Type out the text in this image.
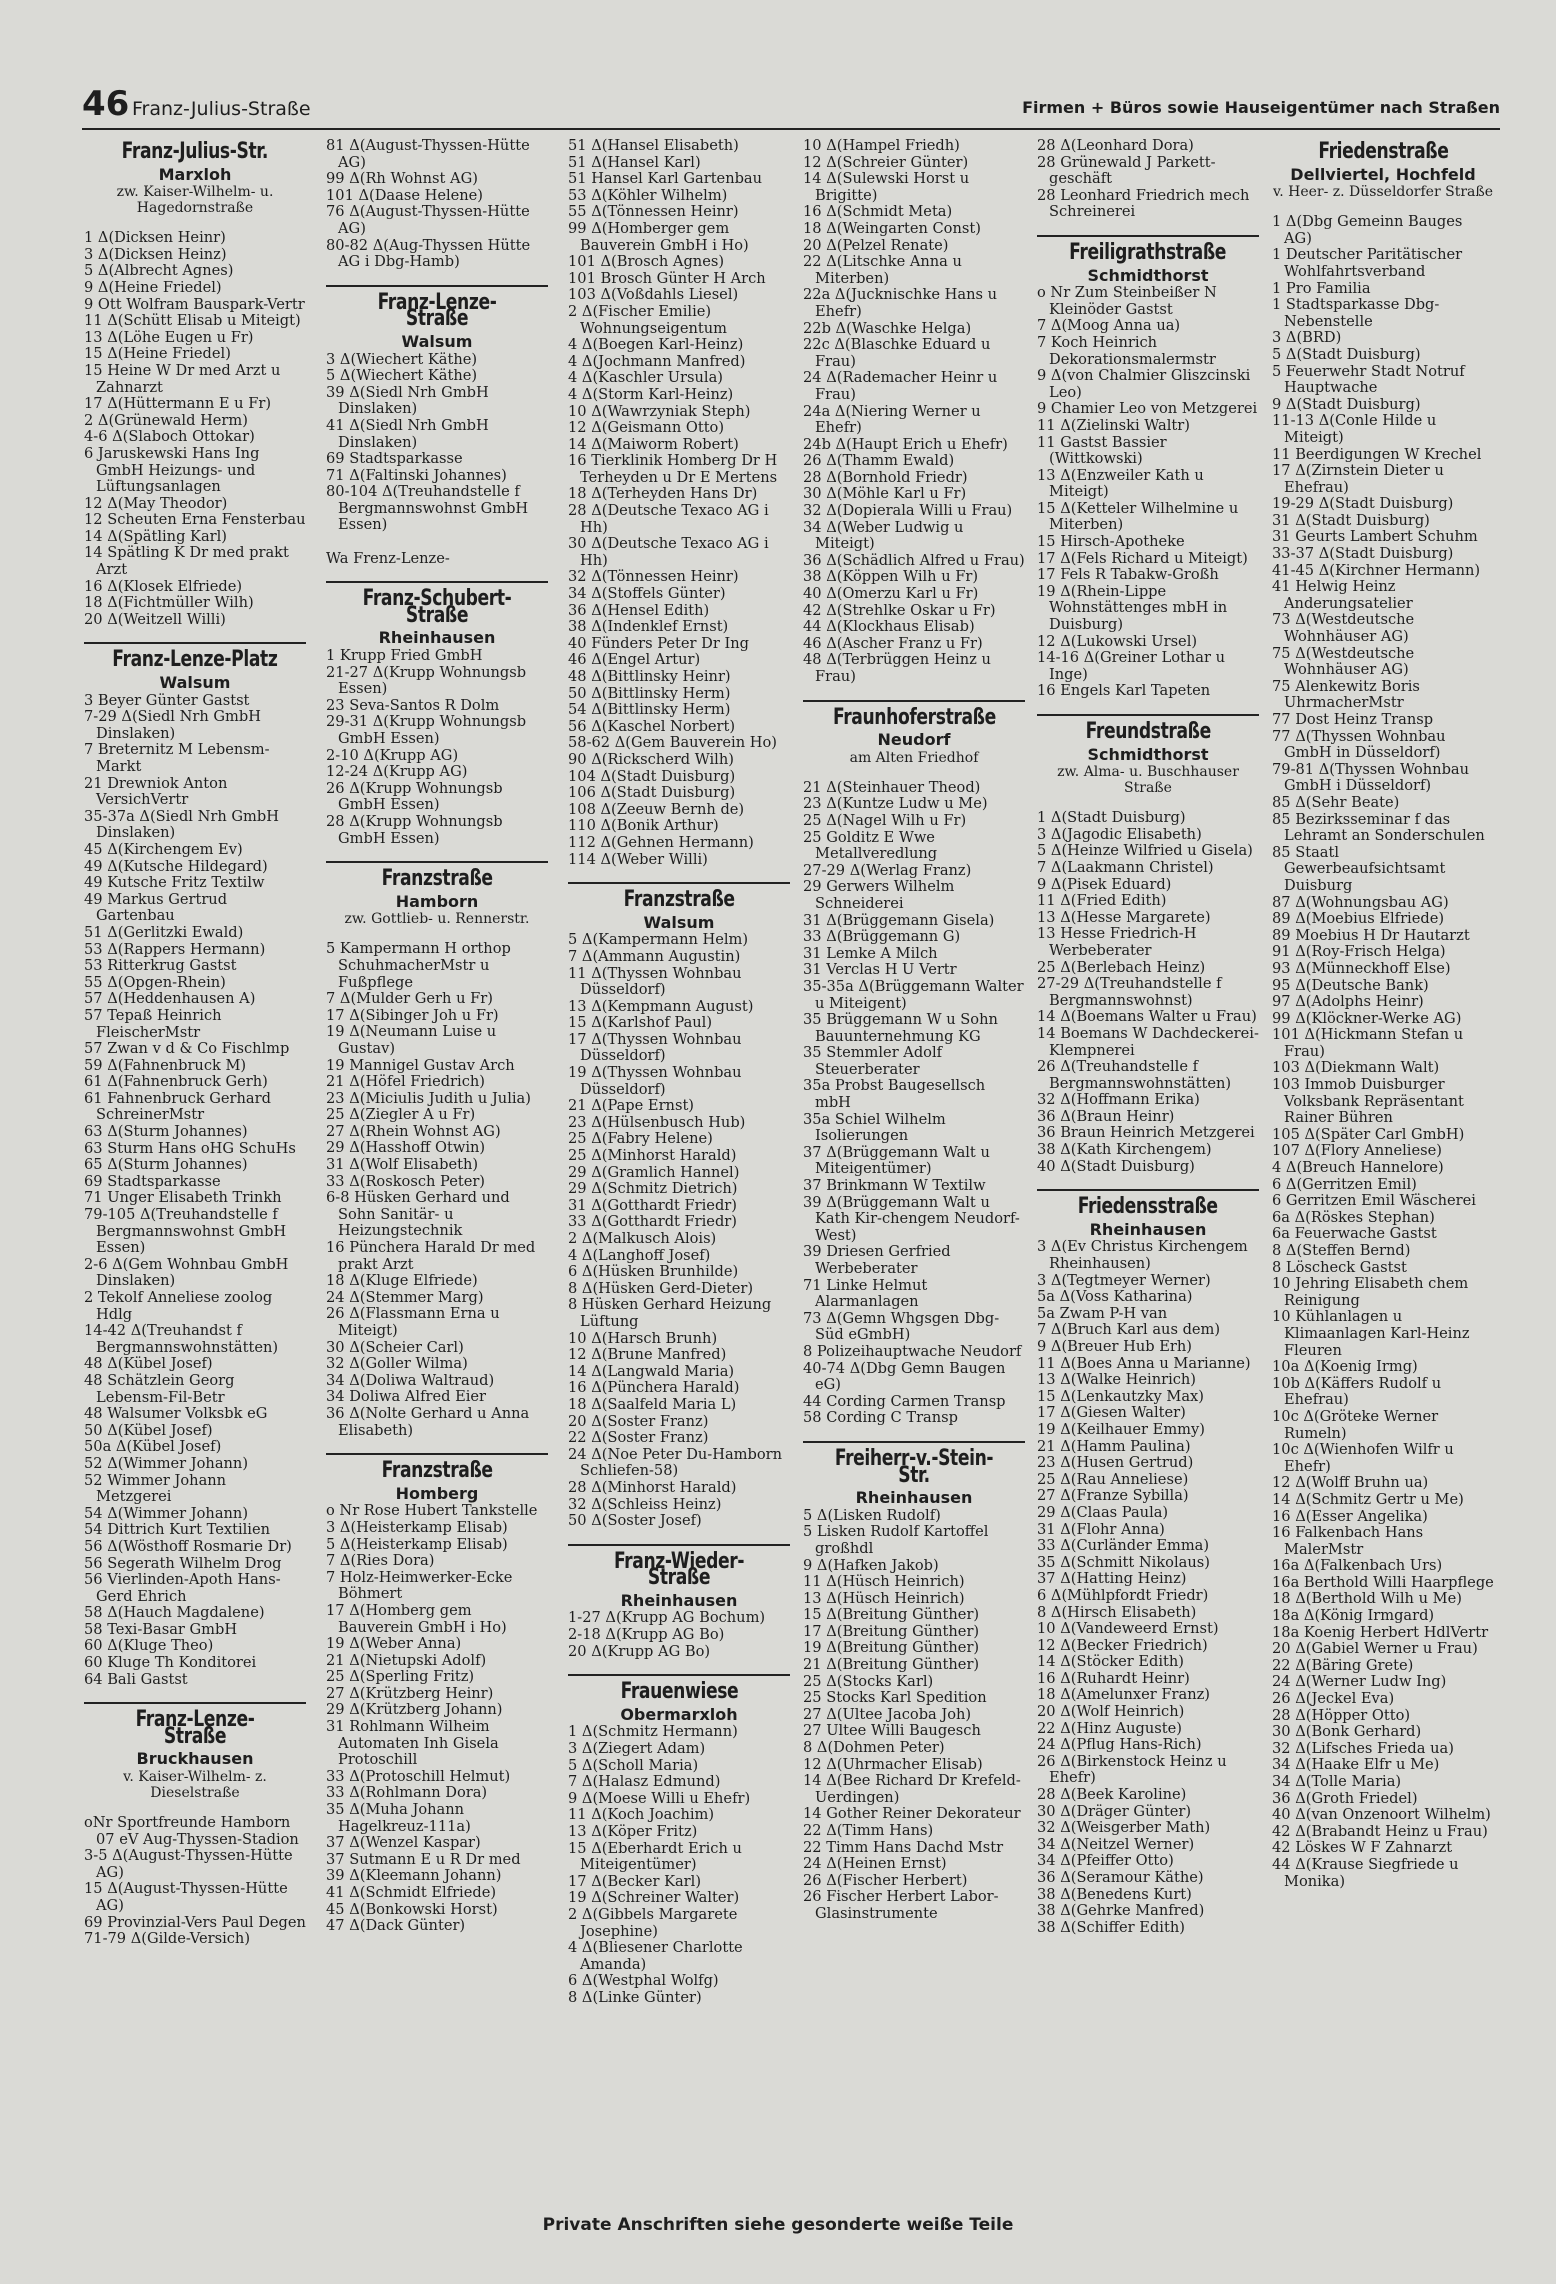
46 Franz-Julius-Straße	Firmen + Büros sowie Hauseigentümer nach Straßen
Franz-Julius-Str.
Marxloh
zw. Kaiser-Wilhelm- u. Hagedornstraße
1 Δ(Dicksen Heinr)
3 Δ(Dicksen Heinz)
5 Δ(Albrecht Agnes)
9 Δ(Heine Friedel)
9 Ott Wolfram Bauspark-Vertr
11 Δ(Schütt Elisab u Miteigt)
13 Δ(Löhe Eugen u Fr)
15 Δ(Heine Friedel)
15 Heine W Dr med Arzt u Zahnarzt
17 Δ(Hüttermann E u Fr)
2 Δ(Grünewald Herm)
4-6 Δ(Slaboch Ottokar)
6 Jaruskewski Hans Ing GmbH Heizungs- und Lüftungsanlagen
12 Δ(May Theodor)
12 Scheuten Erna Fensterbau
14 Δ(Spätling Karl)
14 Spätling K Dr med prakt Arzt
16 Δ(Klosek Elfriede)
18 Δ(Fichtmüller Wilh)
20 Δ(Weitzell Willi)
Franz-Lenze-Platz
Walsum
3 Beyer Günter Gastst
7-29 Δ(Siedl Nrh GmbH Dinslaken)
7 Breternitz M Lebensm-Markt
21 Drewniok Anton VersichVertr
35-37a Δ(Siedl Nrh GmbH Dinslaken)
45 Δ(Kirchengem Ev)
49 Δ(Kutsche Hildegard)
49 Kutsche Fritz Textilw
49 Markus Gertrud Gartenbau
51 Δ(Gerlitzki Ewald)
53 Δ(Rappers Hermann)
53 Ritterkrug Gastst
55 Δ(Opgen-Rhein)
57 Δ(Heddenhausen A)
57 Tepaß Heinrich FleischerMstr
57 Zwan v d & Co Fischlmp
59 Δ(Fahnenbruck M)
61 Δ(Fahnenbruck Gerh)
61 Fahnenbruck Gerhard SchreinerMstr
63 Δ(Sturm Johannes)
63 Sturm Hans oHG SchuHs
65 Δ(Sturm Johannes)
69 Stadtsparkasse
71 Unger Elisabeth Trinkh
79-105 Δ(Treuhandstelle f Bergmannswohnst GmbH Essen)
2-6 Δ(Gem Wohnbau GmbH Dinslaken)
2 Tekolf Anneliese zoolog Hdlg
14-42 Δ(Treuhandst f Bergmannswohnstätten)
48 Δ(Kübel Josef)
48 Schätzlein Georg Lebensm-Fil-Betr
48 Walsumer Volksbk eG
50 Δ(Kübel Josef)
50a Δ(Kübel Josef)
52 Δ(Wimmer Johann)
52 Wimmer Johann Metzgerei
54 Δ(Wimmer Johann)
54 Dittrich Kurt Textilien
56 Δ(Wösthoff Rosmarie Dr)
56 Segerath Wilhelm Drog
56 Vierlinden-Apoth Hans-Gerd Ehrich
58 Δ(Hauch Magdalene)
58 Texi-Basar GmbH
60 Δ(Kluge Theo)
60 Kluge Th Konditorei
64 Bali Gastst
Franz-Lenze-Straße
Bruckhausen
v. Kaiser-Wilhelm- z. Dieselstraße
oNr Sportfreunde Hamborn 07 eV Aug-Thyssen-Stadion
3-5 Δ(August-Thyssen-Hütte AG)
15 Δ(August-Thyssen-Hütte AG)
69 Provinzial-Vers Paul Degen
71-79 Δ(Gilde-Versich)
81 Δ(August-Thyssen-Hütte AG)
99 Δ(Rh Wohnst AG)
101 Δ(Daase Helene)
76 Δ(August-Thyssen-Hütte AG)
80-82 Δ(Aug-Thyssen Hütte AG i Dbg-Hamb)
Franz-Lenze-Straße
Walsum
3 Δ(Wiechert Käthe)
5 Δ(Wiechert Käthe)
39 Δ(Siedl Nrh GmbH Dinslaken)
41 Δ(Siedl Nrh GmbH Dinslaken)
69 Stadtsparkasse
71 Δ(Faltinski Johannes)
80-104 Δ(Treuhandstelle f Bergmannswohnst GmbH Essen)

Wa Frenz-Lenze-
Franz-Schubert-Straße
Rheinhausen
1 Krupp Fried GmbH
21-27 Δ(Krupp Wohnungsb Essen)
23 Seva-Santos R Dolm
29-31 Δ(Krupp Wohnungsb GmbH Essen)
2-10 Δ(Krupp AG)
12-24 Δ(Krupp AG)
26 Δ(Krupp Wohnungsb GmbH Essen)
28 Δ(Krupp Wohnungsb GmbH Essen)
Franzstraße
Hamborn
zw. Gottlieb- u. Rennerstr.
5 Kampermann H orthop SchuhmacherMstr u Fußpflege
7 Δ(Mulder Gerh u Fr)
17 Δ(Sibinger Joh u Fr)
19 Δ(Neumann Luise u Gustav)
19 Mannigel Gustav Arch
21 Δ(Höfel Friedrich)
23 Δ(Miciulis Judith u Julia)
25 Δ(Ziegler A u Fr)
27 Δ(Rhein Wohnst AG)
29 Δ(Hasshoff Otwin)
31 Δ(Wolf Elisabeth)
33 Δ(Roskosch Peter)
6-8 Hüsken Gerhard und Sohn Sanitär- u Heizungstechnik
16 Pünchera Harald Dr med prakt Arzt
18 Δ(Kluge Elfriede)
24 Δ(Stemmer Marg)
26 Δ(Flassmann Erna u Miteigt)
30 Δ(Scheier Carl)
32 Δ(Goller Wilma)
34 Δ(Doliwa Waltraud)
34 Doliwa Alfred Eier
36 Δ(Nolte Gerhard u Anna Elisabeth)
Franzstraße
Homberg
o Nr Rose Hubert Tankstelle
3 Δ(Heisterkamp Elisab)
5 Δ(Heisterkamp Elisab)
7 Δ(Ries Dora)
7 Holz-Heimwerker-Ecke Böhmert
17 Δ(Homberg gem Bauverein GmbH i Ho)
19 Δ(Weber Anna)
21 Δ(Nietupski Adolf)
25 Δ(Sperling Fritz)
27 Δ(Krützberg Heinr)
29 Δ(Krützberg Johann)
31 Rohlmann Wilheim Automaten Inh Gisela Protoschill
33 Δ(Protoschill Helmut)
33 Δ(Rohlmann Dora)
35 Δ(Muha Johann Hagelkreuz-111a)
37 Δ(Wenzel Kaspar)
37 Sutmann E u R Dr med
39 Δ(Kleemann Johann)
41 Δ(Schmidt Elfriede)
45 Δ(Bonkowski Horst)
47 Δ(Dack Günter)
51 Δ(Hansel Elisabeth)
51 Δ(Hansel Karl)
51 Hansel Karl Gartenbau
53 Δ(Köhler Wilhelm)
55 Δ(Tönnessen Heinr)
99 Δ(Homberger gem Bauverein GmbH i Ho)
101 Δ(Brosch Agnes)
101 Brosch Günter H Arch
103 Δ(Voßdahls Liesel)
2 Δ(Fischer Emilie) Wohnungseigentum
4 Δ(Boegen Karl-Heinz)
4 Δ(Jochmann Manfred)
4 Δ(Kaschler Ursula)
4 Δ(Storm Karl-Heinz)
10 Δ(Wawrzyniak Steph)
12 Δ(Geismann Otto)
14 Δ(Maiworm Robert)
16 Tierklinik Homberg Dr H Terheyden u Dr E Mertens
18 Δ(Terheyden Hans Dr)
28 Δ(Deutsche Texaco AG i Hh)
30 Δ(Deutsche Texaco AG i Hh)
32 Δ(Tönnessen Heinr)
34 Δ(Stoffels Günter)
36 Δ(Hensel Edith)
38 Δ(Indenklef Ernst)
40 Fünders Peter Dr Ing
46 Δ(Engel Artur)
48 Δ(Bittlinsky Heinr)
50 Δ(Bittlinsky Herm)
54 Δ(Bittlinsky Herm)
56 Δ(Kaschel Norbert)
58-62 Δ(Gem Bauverein Ho)
90 Δ(Rickscherd Wilh)
104 Δ(Stadt Duisburg)
106 Δ(Stadt Duisburg)
108 Δ(Zeeuw Bernh de)
110 Δ(Bonik Arthur)
112 Δ(Gehnen Hermann)
114 Δ(Weber Willi)
Franzstraße
Walsum
5 Δ(Kampermann Helm)
7 Δ(Ammann Augustin)
11 Δ(Thyssen Wohnbau Düsseldorf)
13 Δ(Kempmann August)
15 Δ(Karlshof Paul)
17 Δ(Thyssen Wohnbau Düsseldorf)
19 Δ(Thyssen Wohnbau Düsseldorf)
21 Δ(Pape Ernst)
23 Δ(Hülsenbusch Hub)
25 Δ(Fabry Helene)
25 Δ(Minhorst Harald)
29 Δ(Gramlich Hannel)
29 Δ(Schmitz Dietrich)
31 Δ(Gotthardt Friedr)
33 Δ(Gotthardt Friedr)
2 Δ(Malkusch Alois)
4 Δ(Langhoff Josef)
6 Δ(Hüsken Brunhilde)
8 Δ(Hüsken Gerd-Dieter)
8 Hüsken Gerhard Heizung Lüftung
10 Δ(Harsch Brunh)
12 Δ(Brune Manfred)
14 Δ(Langwald Maria)
16 Δ(Pünchera Harald)
18 Δ(Saalfeld Maria L)
20 Δ(Soster Franz)
22 Δ(Soster Franz)
24 Δ(Noe Peter Du-Hamborn Schliefen-58)
28 Δ(Minhorst Harald)
32 Δ(Schleiss Heinz)
50 Δ(Soster Josef)
Franz-Wieder-Straße
Rheinhausen
1-27 Δ(Krupp AG Bochum)
2-18 Δ(Krupp AG Bo)
20 Δ(Krupp AG Bo)
Frauenwiese
Obermarxloh
1 Δ(Schmitz Hermann)
3 Δ(Ziegert Adam)
5 Δ(Scholl Maria)
7 Δ(Halasz Edmund)
9 Δ(Moese Willi u Ehefr)
11 Δ(Koch Joachim)
13 Δ(Köper Fritz)
15 Δ(Eberhardt Erich u Miteigentümer)
17 Δ(Becker Karl)
19 Δ(Schreiner Walter)
2 Δ(Gibbels Margarete Josephine)
4 Δ(Bliesener Charlotte Amanda)
6 Δ(Westphal Wolfg)
8 Δ(Linke Günter)
10 Δ(Hampel Friedh)
12 Δ(Schreier Günter)
14 Δ(Sulewski Horst u Brigitte)
16 Δ(Schmidt Meta)
18 Δ(Weingarten Const)
20 Δ(Pelzel Renate)
22 Δ(Litschke Anna u Miterben)
22a Δ(Jucknischke Hans u Ehefr)
22b Δ(Waschke Helga)
22c Δ(Blaschke Eduard u Frau)
24 Δ(Rademacher Heinr u Frau)
24a Δ(Niering Werner u Ehefr)
24b Δ(Haupt Erich u Ehefr)
26 Δ(Thamm Ewald)
28 Δ(Bornhold Friedr)
30 Δ(Möhle Karl u Fr)
32 Δ(Dopierala Willi u Frau)
34 Δ(Weber Ludwig u Miteigt)
36 Δ(Schädlich Alfred u Frau)
38 Δ(Köppen Wilh u Fr)
40 Δ(Omerzu Karl u Fr)
42 Δ(Strehlke Oskar u Fr)
44 Δ(Klockhaus Elisab)
46 Δ(Ascher Franz u Fr)
48 Δ(Terbrüggen Heinz u Frau)
Fraunhoferstraße
Neudorf
am Alten Friedhof
21 Δ(Steinhauer Theod)
23 Δ(Kuntze Ludw u Me)
25 Δ(Nagel Wilh u Fr)
25 Golditz E Wwe Metallveredlung
27-29 Δ(Werlag Franz)
29 Gerwers Wilhelm Schneiderei
31 Δ(Brüggemann Gisela)
33 Δ(Brüggemann G)
31 Lemke A Milch
31 Verclas H U Vertr
35-35a Δ(Brüggemann Walter u Miteigent)
35 Brüggemann W u Sohn Bauunternehmung KG
35 Stemmler Adolf Steuerberater
35a Probst Baugesellsch mbH
35a Schiel Wilhelm Isolierungen
37 Δ(Brüggemann Walt u Miteigentümer)
37 Brinkmann W Textilw
39 Δ(Brüggemann Walt u Kath Kir-chengem Neudorf-West)
39 Driesen Gerfried Werbeberater
71 Linke Helmut Alarmanlagen
73 Δ(Gemn Whgsgen Dbg-Süd eGmbH)
8 Polizeihauptwache Neudorf
40-74 Δ(Dbg Gemn Baugen eG)
44 Cording Carmen Transp
58 Cording C Transp
Freiherr-v.-Stein-Str.
Rheinhausen
5 Δ(Lisken Rudolf)
5 Lisken Rudolf Kartoffel großhdl
9 Δ(Hafken Jakob)
11 Δ(Hüsch Heinrich)
13 Δ(Hüsch Heinrich)
15 Δ(Breitung Günther)
17 Δ(Breitung Günther)
19 Δ(Breitung Günther)
21 Δ(Breitung Günther)
25 Δ(Stocks Karl)
25 Stocks Karl Spedition
27 Δ(Ultee Jacoba Joh)
27 Ultee Willi Baugesch
8 Δ(Dohmen Peter)
12 Δ(Uhrmacher Elisab)
14 Δ(Bee Richard Dr Krefeld-Uerdingen)
14 Gother Reiner Dekorateur
22 Δ(Timm Hans)
22 Timm Hans Dachd Mstr
24 Δ(Heinen Ernst)
26 Δ(Fischer Herbert)
26 Fischer Herbert Labor-Glasinstrumente
28 Δ(Leonhard Dora)
28 Grünewald J Parkett-geschäft
28 Leonhard Friedrich mech Schreinerei
Freiligrathstraße
Schmidthorst
o Nr Zum Steinbeißer N Kleinöder Gastst
7 Δ(Moog Anna ua)
7 Koch Heinrich Dekorationsmalermstr
9 Δ(von Chalmier Gliszcinski Leo)
9 Chamier Leo von Metzgerei
11 Δ(Zielinski Waltr)
11 Gastst Bassier (Wittkowski)
13 Δ(Enzweiler Kath u Miteigt)
15 Δ(Ketteler Wilhelmine u Miterben)
15 Hirsch-Apotheke
17 Δ(Fels Richard u Miteigt)
17 Fels R Tabakw-Großh
19 Δ(Rhein-Lippe Wohnstättenges mbH in Duisburg)
12 Δ(Lukowski Ursel)
14-16 Δ(Greiner Lothar u Inge)
16 Engels Karl Tapeten
Freundstraße
Schmidthorst
zw. Alma- u. Buschhauser Straße
1 Δ(Stadt Duisburg)
3 Δ(Jagodic Elisabeth)
5 Δ(Heinze Wilfried u Gisela)
7 Δ(Laakmann Christel)
9 Δ(Pisek Eduard)
11 Δ(Fried Edith)
13 Δ(Hesse Margarete)
13 Hesse Friedrich-H Werbeberater
25 Δ(Berlebach Heinz)
27-29 Δ(Treuhandstelle f Bergmannswohnst)
14 Δ(Boemans Walter u Frau)
14 Boemans W Dachdeckerei-Klempnerei
26 Δ(Treuhandstelle f Bergmannswohnstätten)
32 Δ(Hoffmann Erika)
36 Δ(Braun Heinr)
36 Braun Heinrich Metzgerei
38 Δ(Kath Kirchengem)
40 Δ(Stadt Duisburg)
Friedensstraße
Rheinhausen
3 Δ(Ev Christus Kirchengem Rheinhausen)
3 Δ(Tegtmeyer Werner)
5a Δ(Voss Katharina)
5a Zwam P-H van
7 Δ(Bruch Karl aus dem)
9 Δ(Breuer Hub Erh)
11 Δ(Boes Anna u Marianne)
13 Δ(Walke Heinrich)
15 Δ(Lenkautzky Max)
17 Δ(Giesen Walter)
19 Δ(Keilhauer Emmy)
21 Δ(Hamm Paulina)
23 Δ(Husen Gertrud)
25 Δ(Rau Anneliese)
27 Δ(Franze Sybilla)
29 Δ(Claas Paula)
31 Δ(Flohr Anna)
33 Δ(Curländer Emma)
35 Δ(Schmitt Nikolaus)
37 Δ(Hatting Heinz)
6 Δ(Mühlpfordt Friedr)
8 Δ(Hirsch Elisabeth)
10 Δ(Vandeweerd Ernst)
12 Δ(Becker Friedrich)
14 Δ(Stöcker Edith)
16 Δ(Ruhardt Heinr)
18 Δ(Amelunxer Franz)
20 Δ(Wolf Heinrich)
22 Δ(Hinz Auguste)
24 Δ(Pflug Hans-Rich)
26 Δ(Birkenstock Heinz u Ehefr)
28 Δ(Beek Karoline)
30 Δ(Dräger Günter)
32 Δ(Weisgerber Math)
34 Δ(Neitzel Werner)
34 Δ(Pfeiffer Otto)
36 Δ(Seramour Käthe)
38 Δ(Benedens Kurt)
38 Δ(Gehrke Manfred)
38 Δ(Schiffer Edith)
Friedenstraße
Dellviertel, Hochfeld
v. Heer- z. Düsseldorfer Straße
1 Δ(Dbg Gemeinn Bauges AG)
1 Deutscher Paritätischer Wohlfahrtsverband
1 Pro Familia
1 Stadtsparkasse Dbg-Nebenstelle
3 Δ(BRD)
5 Δ(Stadt Duisburg)
5 Feuerwehr Stadt Notruf Hauptwache
9 Δ(Stadt Duisburg)
11-13 Δ(Conle Hilde u Miteigt)
11 Beerdigungen W Krechel
17 Δ(Zirnstein Dieter u Ehefrau)
19-29 Δ(Stadt Duisburg)
31 Δ(Stadt Duisburg)
31 Geurts Lambert Schuhm
33-37 Δ(Stadt Duisburg)
41-45 Δ(Kirchner Hermann)
41 Helwig Heinz Anderungsatelier
73 Δ(Westdeutsche Wohnhäuser AG)
75 Δ(Westdeutsche Wohnhäuser AG)
75 Alenkewitz Boris UhrmacherMstr
77 Dost Heinz Transp
77 Δ(Thyssen Wohnbau GmbH in Düsseldorf)
79-81 Δ(Thyssen Wohnbau GmbH i Düsseldorf)
85 Δ(Sehr Beate)
85 Bezirksseminar f das Lehramt an Sonderschulen
85 Staatl Gewerbeaufsichtsamt Duisburg
87 Δ(Wohnungsbau AG)
89 Δ(Moebius Elfriede)
89 Moebius H Dr Hautarzt
91 Δ(Roy-Frisch Helga)
93 Δ(Münneckhoff Else)
95 Δ(Deutsche Bank)
97 Δ(Adolphs Heinr)
99 Δ(Klöckner-Werke AG)
101 Δ(Hickmann Stefan u Frau)
103 Δ(Diekmann Walt)
103 Immob Duisburger Volksbank Repräsentant Rainer Bühren
105 Δ(Später Carl GmbH)
107 Δ(Flory Anneliese)
4 Δ(Breuch Hannelore)
6 Δ(Gerritzen Emil)
6 Gerritzen Emil Wäscherei
6a Δ(Röskes Stephan)
6a Feuerwache Gastst
8 Δ(Steffen Bernd)
8 Löscheck Gastst
10 Jehring Elisabeth chem Reinigung
10 Kühlanlagen u Klimaanlagen Karl-Heinz Fleuren
10a Δ(Koenig Irmg)
10b Δ(Käffers Rudolf u Ehefrau)
10c Δ(Gröteke Werner Rumeln)
10c Δ(Wienhofen Wilfr u Ehefr)
12 Δ(Wolff Bruhn ua)
14 Δ(Schmitz Gertr u Me)
16 Δ(Esser Angelika)
16 Falkenbach Hans MalerMstr
16a Δ(Falkenbach Urs)
16a Berthold Willi Haarpflege
18 Δ(Berthold Wilh u Me)
18a Δ(König Irmgard)
18a Koenig Herbert HdlVertr
20 Δ(Gabiel Werner u Frau)
22 Δ(Bäring Grete)
24 Δ(Werner Ludw Ing)
26 Δ(Jeckel Eva)
28 Δ(Höpper Otto)
30 Δ(Bonk Gerhard)
32 Δ(Lifsches Frieda ua)
34 Δ(Haake Elfr u Me)
34 Δ(Tolle Maria)
36 Δ(Groth Friedel)
40 Δ(van Onzenoort Wilhelm)
42 Δ(Brabandt Heinz u Frau)
42 Löskes W F Zahnarzt
44 Δ(Krause Siegfriede u Monika)
Private Anschriften siehe gesonderte weiße Teile
